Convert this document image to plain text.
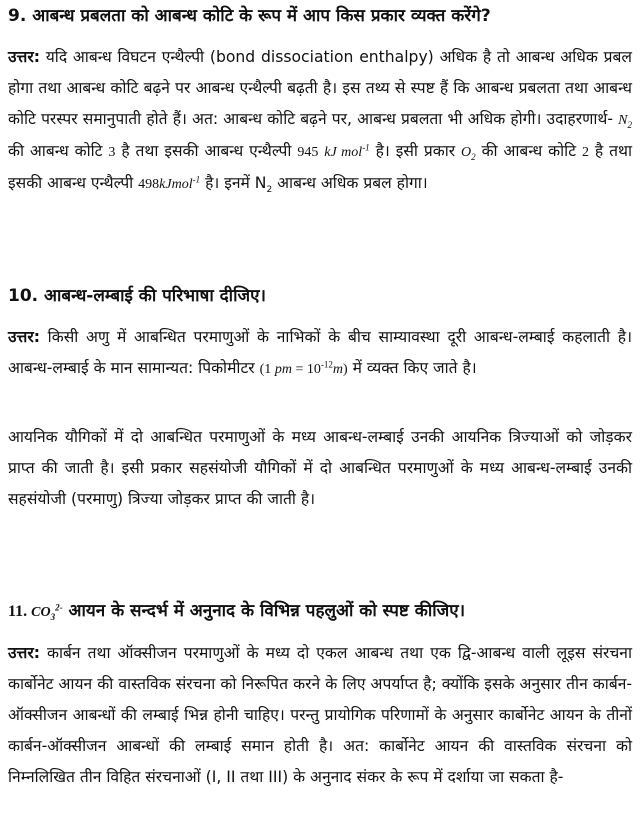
9. आबन्ध प्रबलता को आबन्ध कोटि के रूप में आप किस प्रकार व्यक्त करेंगे?

उत्तर: यदि आबन्ध विघटन एन्थैल्पी (bond dissociation enthalpy) अधिक है तो आबन्ध अधिक प्रबल होगा तथा आबन्ध कोटि बढ़ने पर आबन्ध एन्थैल्पी बढ़ती है। इस तथ्य से स्पष्ट हैं कि आबन्ध प्रबलता तथा आबन्ध कोटि परस्पर समानुपाती होते हैं। अत: आबन्ध कोटि बढ़ने पर, आबन्ध प्रबलता भी अधिक होगी। उदाहरणार्थ- $N_2$ की आबन्ध कोटि 3 है तथा इसकी आबन्ध एन्थैल्पी 945 kJ mol$^{-1}$ है। इसी प्रकार $O_2$ की आबन्ध कोटि 2 है तथा इसकी आबन्ध एन्थैल्पी 498kJmol$^{-1}$ है। इनमें $N_2$ आबन्ध अधिक प्रबल होगा।

10. आबन्ध-लम्बाई की परिभाषा दीजिए।

उत्तर: किसी अणु में आबन्धित परमाणुओं के नाभिकों के बीच साम्यावस्था दूरी आबन्ध-लम्बाई कहलाती है। आबन्ध-लम्बाई के मान सामान्यत: पिकोमीटर (1 pm = $10^{-12}m$) में व्यक्त किए जाते है।

आयनिक यौगिकों में दो आबन्धित परमाणुओं के मध्य आबन्ध-लम्बाई उनकी आयनिक त्रिज्याओं को जोड़कर प्राप्त की जाती है। इसी प्रकार सहसंयोजी यौगिकों में दो आबन्धित परमाणुओं के मध्य आबन्ध-लम्बाई उनकी सहसंयोजी (परमाणु) त्रिज्या जोड़कर प्राप्त की जाती है।

11. $CO_3^{2-}$ आयन के सन्दर्भ में अनुनाद के विभिन्न पहलुओं को स्पष्ट कीजिए।

उत्तर: कार्बन तथा ऑक्सीजन परमाणुओं के मध्य दो एकल आबन्ध तथा एक द्वि-आबन्ध वाली लूइस संरचना कार्बोनेट आयन की वास्तविक संरचना को निरूपित करने के लिए अपर्याप्त है; क्योंकि इसके अनुसार तीन कार्बन-ऑक्सीजन आबन्धों की लम्बाई भिन्न होनी चाहिए। परन्तु प्रायोगिक परिणामों के अनुसार कार्बोनेट आयन के तीनों कार्बन-ऑक्सीजन आबन्धों की लम्बाई समान होती है। अत: कार्बोनेट आयन की वास्तविक संरचना को निम्नलिखित तीन विहित संरचनाओं (I, II तथा III) के अनुनाद संकर के रूप में दर्शाया जा सकता है-
